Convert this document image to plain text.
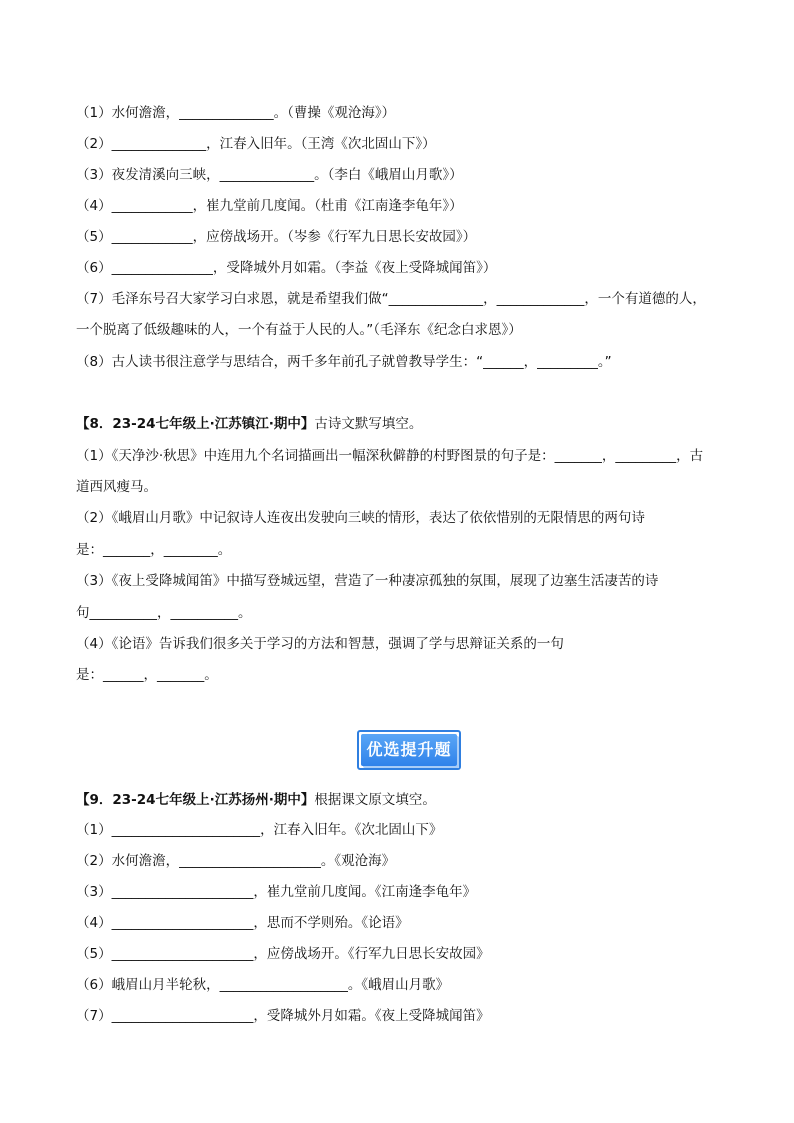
（1）水何澹澹，______________。（曹操《观沧海》）
（2）______________，江春入旧年。（王湾《次北固山下》）
（3）夜发清溪向三峡，______________。（李白《峨眉山月歌》）
（4）____________，崔九堂前几度闻。（杜甫《江南逢李龟年》）
（5）____________，应傍战场开。（岑参《行军九日思长安故园》）
（6）_______________，受降城外月如霜。（李益《夜上受降城闻笛》）
（7）毛泽东号召大家学习白求恩，就是希望我们做“______________，_____________，一个有道德的人，
一个脱离了低级趣味的人，一个有益于人民的人。”（毛泽东《纪念白求恩》）
（8）古人读书很注意学与思结合，两千多年前孔子就曾教导学生：“______，_________。”
【8．23-24七年级上·江苏镇江·期中】古诗文默写填空。
（1）《天净沙·秋思》中连用九个名词描画出一幅深秋僻静的村野图景的句子是：_______，_________，古
道西风瘦马。
（2）《峨眉山月歌》中记叙诗人连夜出发驶向三峡的情形，表达了依依惜别的无限情思的两句诗
是：_______，________。
（3）《夜上受降城闻笛》中描写登城远望，营造了一种凄凉孤独的氛围，展现了边塞生活凄苦的诗
句__________，__________。
（4）《论语》告诉我们很多关于学习的方法和智慧，强调了学与思辩证关系的一句
是：______，_______。
优选提升题
【9．23-24七年级上·江苏扬州·期中】根据课文原文填空。
（1）______________________，江春入旧年。《次北固山下》
（2）水何澹澹，_____________________。《观沧海》
（3）_____________________，崔九堂前几度闻。《江南逢李龟年》
（4）_____________________，思而不学则殆。《论语》
（5）_____________________，应傍战场开。《行军九日思长安故园》
（6）峨眉山月半轮秋，___________________。《峨眉山月歌》
（7）_____________________，受降城外月如霜。《夜上受降城闻笛》
